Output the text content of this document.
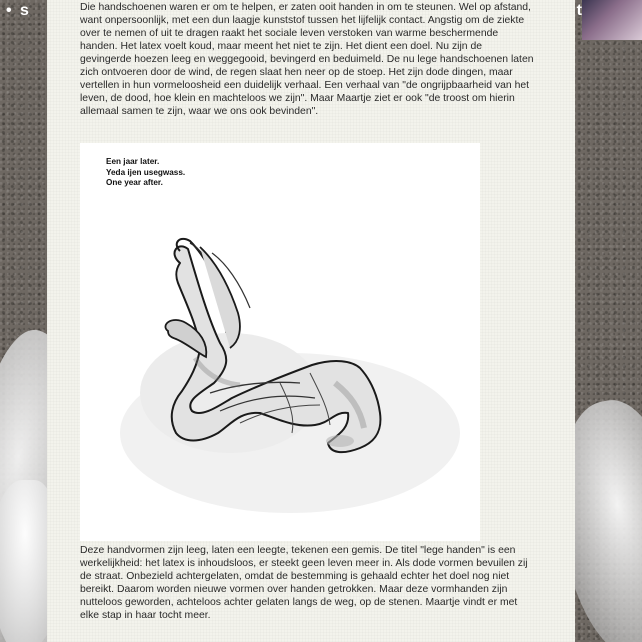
• s	t

Die handschoenen waren er om te helpen, er zaten ooit handen in om te steunen. Wel op afstand, want onpersoonlijk, met een dun laagje kunststof tussen het lijfelijk contact. Angstig om de ziekte over te nemen of uit te dragen raakt het sociale leven verstoken van warme beschermende handen. Het latex voelt koud, maar meent het niet te zijn. Het dient een doel. Nu zijn de gevingerde hoezen leeg en weggegooid, bevingerd en beduimeld. De nu lege handschoenen laten zich ontvoeren door de wind, de regen slaat hen neer op de stoep. Het zijn dode dingen, maar vertellen in hun vormeloosheid een duidelijk verhaal. Een verhaal van "de ongrijpbaarheid van het leven, de dood, hoe klein en machteloos we zijn". Maar Maartje ziet er ook "de troost om hierin allemaal samen te zijn, waar we ons ook bevinden".

Een jaar later.
Yeda ijen usegwass.
One year after.

Deze handvormen zijn leeg, laten een leegte, tekenen een gemis. De titel "lege handen" is een werkelijkheid: het latex is inhoudsloos, er steekt geen leven meer in. Als dode vormen bevuilen zij de straat. Onbezield achtergelaten, omdat de bestemming is gehaald echter het doel nog niet bereikt. Daarom worden nieuwe vormen over handen getrokken. Maar deze vormhanden zijn nutteloos geworden, achteloos achter gelaten langs de weg, op de stenen. Maartje vindt er met elke stap in haar tocht meer.
